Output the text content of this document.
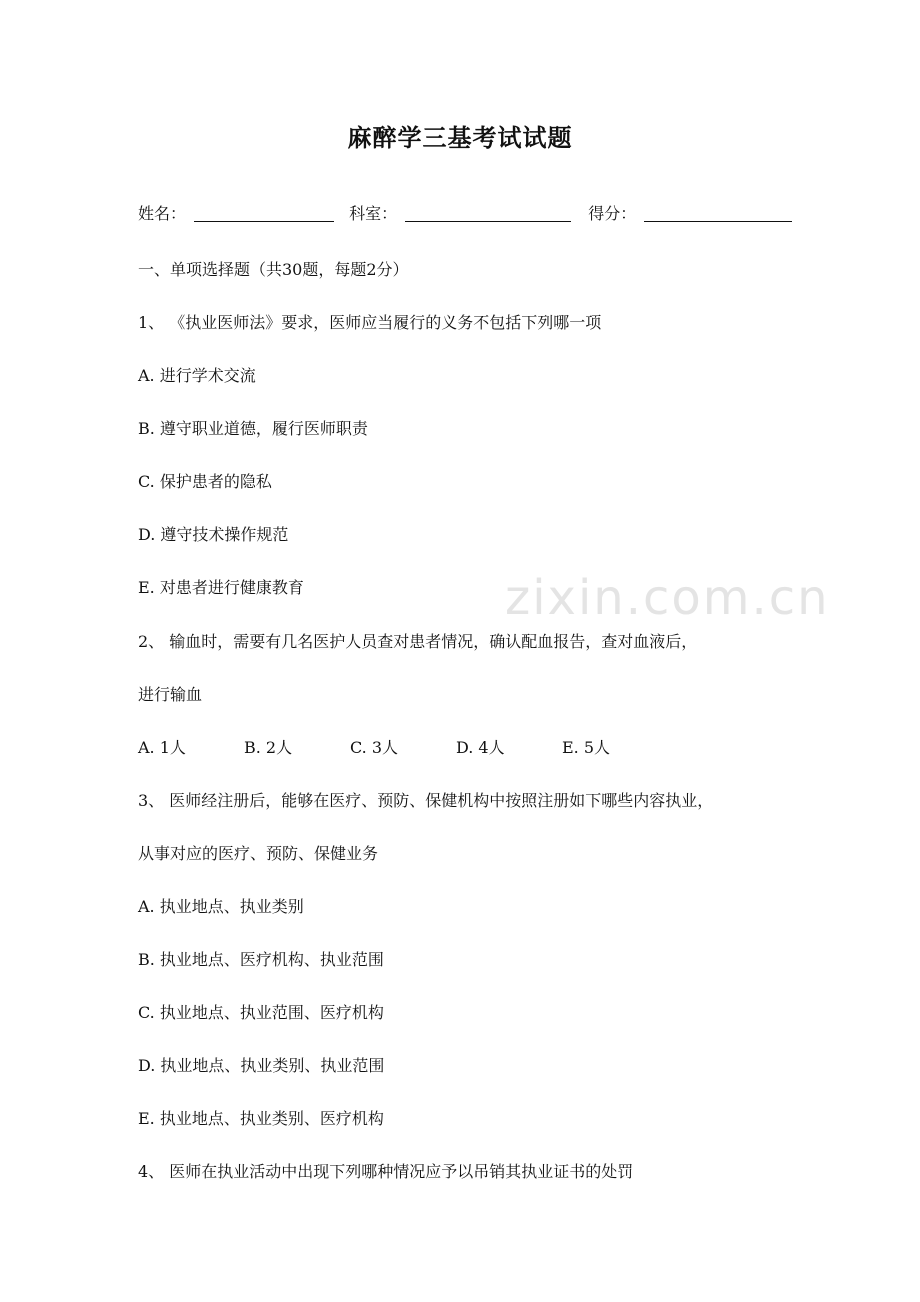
zixin.com.cn
麻醉学三基考试试题
姓名：	科室：	得分：
一、单项选择题（共30题，每题2分）
1、 《执业医师法》要求，医师应当履行的义务不包括下列哪一项
A. 进行学术交流
B. 遵守职业道德，履行医师职责
C. 保护患者的隐私
D. 遵守技术操作规范
E. 对患者进行健康教育
2、 输血时，需要有几名医护人员查对患者情况，确认配血报告，查对血液后，
进行输血
A. 1人	B. 2人	C. 3人	D. 4人	E. 5人
3、 医师经注册后，能够在医疗、预防、保健机构中按照注册如下哪些内容执业，
从事对应的医疗、预防、保健业务
A. 执业地点、执业类别
B. 执业地点、医疗机构、执业范围
C. 执业地点、执业范围、医疗机构
D. 执业地点、执业类别、执业范围
E. 执业地点、执业类别、医疗机构
4、 医师在执业活动中出现下列哪种情况应予以吊销其执业证书的处罚
